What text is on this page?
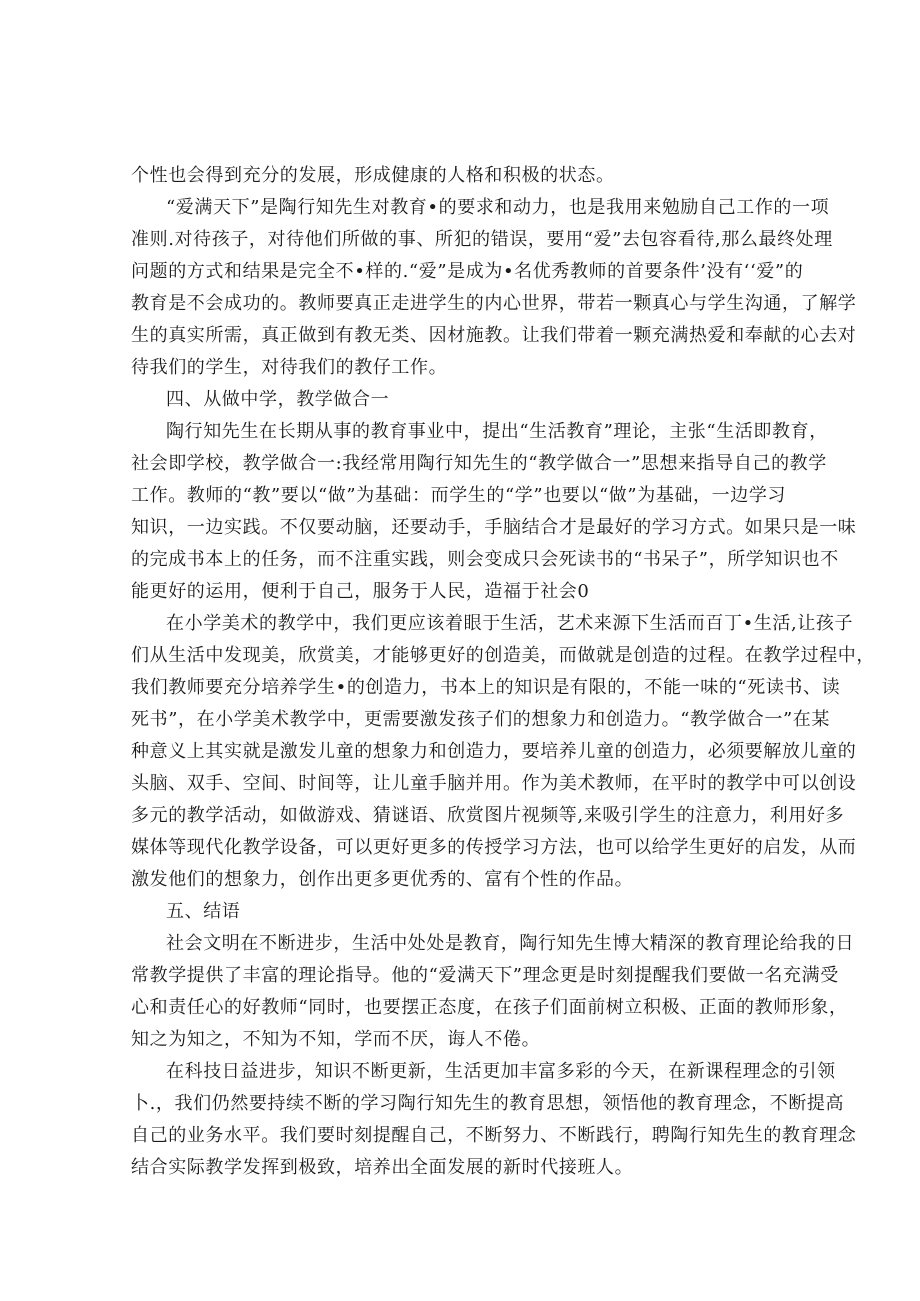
个性也会得到充分的发展，形成健康的人格和积极的状态。
“爱满天下”是陶行知先生对教育•的要求和动力，也是我用来勉励自己工作的一项
准则.对待孩子，对待他们所做的事、所犯的错误，要用“爱”去包容看待,那么最终处理
问题的方式和结果是完全不•样的.“爱”是成为•名优秀教师的首要条件’没有‘‘爱”的
教育是不会成功的。教师要真正走进学生的内心世界，带若一颗真心与学生沟通，了解学
生的真实所需，真正做到有教无类、因材施教。让我们带着一颗充满热爱和奉献的心去对
待我们的学生，对待我们的教仔工作。
四、从做中学，教学做合一
陶行知先生在长期从事的教育事业中，提出“生活教育”理论，主张“生活即教育，
社会即学校，教学做合一:我经常用陶行知先生的“教学做合一”思想来指导自己的教学
工作。教师的“教”要以“做”为基础：而学生的“学”也要以“做”为基础，一边学习
知识，一边实践。不仅要动脑，还要动手，手脑结合才是最好的学习方式。如果只是一味
的完成书本上的任务，而不注重实践，则会变成只会死读书的“书呆子”，所学知识也不
能更好的运用，便利于自己，服务于人民，造福于社会0
在小学美术的教学中，我们更应该着眼于生活，艺术来源下生活而百丁•生活,让孩子
们从生活中发现美，欣赏美，才能够更好的创造美，而做就是创造的过程。在教学过程中，
我们教师要充分培养学生•的创造力，书本上的知识是有限的，不能一味的“死读书、读
死书”，在小学美术教学中，更需要激发孩子们的想象力和创造力。“教学做合一”在某
种意义上其实就是激发儿童的想象力和创造力，要培养儿童的创造力，必须要解放儿童的
头脑、双手、空间、时间等，让儿童手脑并用。作为美术教师，在平时的教学中可以创设
多元的教学活动，如做游戏、猜谜语、欣赏图片视频等,来吸引学生的注意力，利用好多
媒体等现代化教学设备，可以更好更多的传授学习方法，也可以给学生更好的启发，从而
激发他们的想象力，创作出更多更优秀的、富有个性的作品。
五、结语
社会文明在不断进步，生活中处处是教育，陶行知先生博大精深的教育理论给我的日
常教学提供了丰富的理论指导。他的“爱满天下”理念更是时刻提醒我们要做一名充满受
心和责任心的好教师“同时，也要摆正态度，在孩子们面前树立积极、正面的教师形象，
知之为知之，不知为不知，学而不厌，诲人不倦。
在科技日益进步，知识不断更新，生活更加丰富多彩的今天，在新课程理念的引领
卜.，我们仍然要持续不断的学习陶行知先生的教育思想，领悟他的教育理念，不断提高
自己的业务水平。我们要时刻提醒自己，不断努力、不断践行，聘陶行知先生的教育理念
结合实际教学发挥到极致，培养出全面发展的新时代接班人。
